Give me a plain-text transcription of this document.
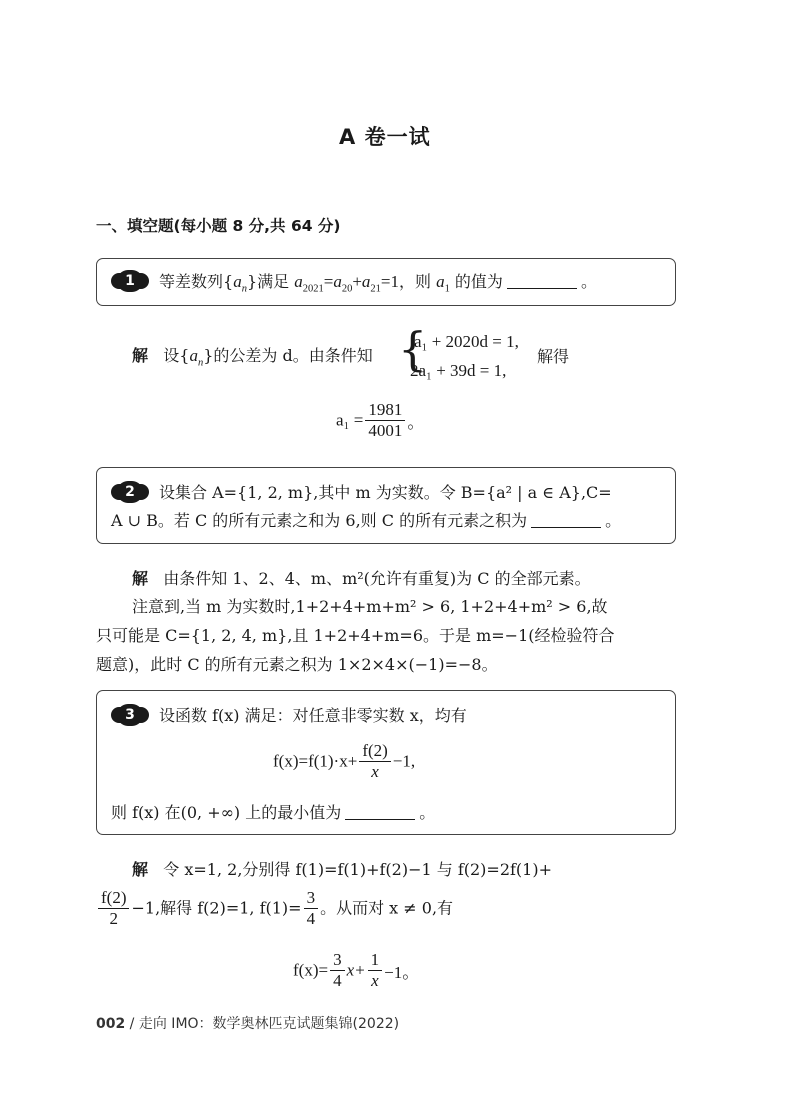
A 卷一试
一、填空题(每小题 8 分,共 64 分)
1	等差数列$\{a_n\}$满足 $a_{2021}=a_{20}+a_{21}=1$，则 $a_1$ 的值为	。
解 设$\{a_n\}$的公差为 d。由条件知 {
a₁ + 2020d = 1,
2a₁ + 39d = 1,
解得
$a_1 = \frac{1981}{4001}$ 。
2	设集合 A={1, 2, m},其中 m 为实数。令 B={a² | a ∈ A},C=
A ∪ B。若 C 的所有元素之和为 6,则 C 的所有元素之积为	。
解 由条件知 1、2、4、m、m²(允许有重复)为 C 的全部元素。
注意到,当 m 为实数时,1+2+4+m+m² > 6, 1+2+4+m² > 6,故
只可能是 C={1, 2, 4, m},且 1+2+4+m=6。于是 m=−1(经检验符合
题意)，此时 C 的所有元素之积为 1×2×4×(−1)=−8。
3	设函数 f(x) 满足：对任意非零实数 x，均有
$f(x)=f(1)\cdot x+ \frac{f(2)}{x} -1$,
则 f(x) 在(0, +∞) 上的最小值为	。
解 令 x=1, 2,分别得 f(1)=f(1)+f(2)−1 与 f(2)=2f(1)+
$\frac{f(2)}{2} -1$,解得 f(2)=1, $f(1)= \frac{3}{4}$ 。从而对 x ≠ 0,有
$f(x)= \frac{3}{4} x+ \frac{1}{x} -1$。
002 / 走向 IMO：数学奥林匹克试题集锦(2022)
